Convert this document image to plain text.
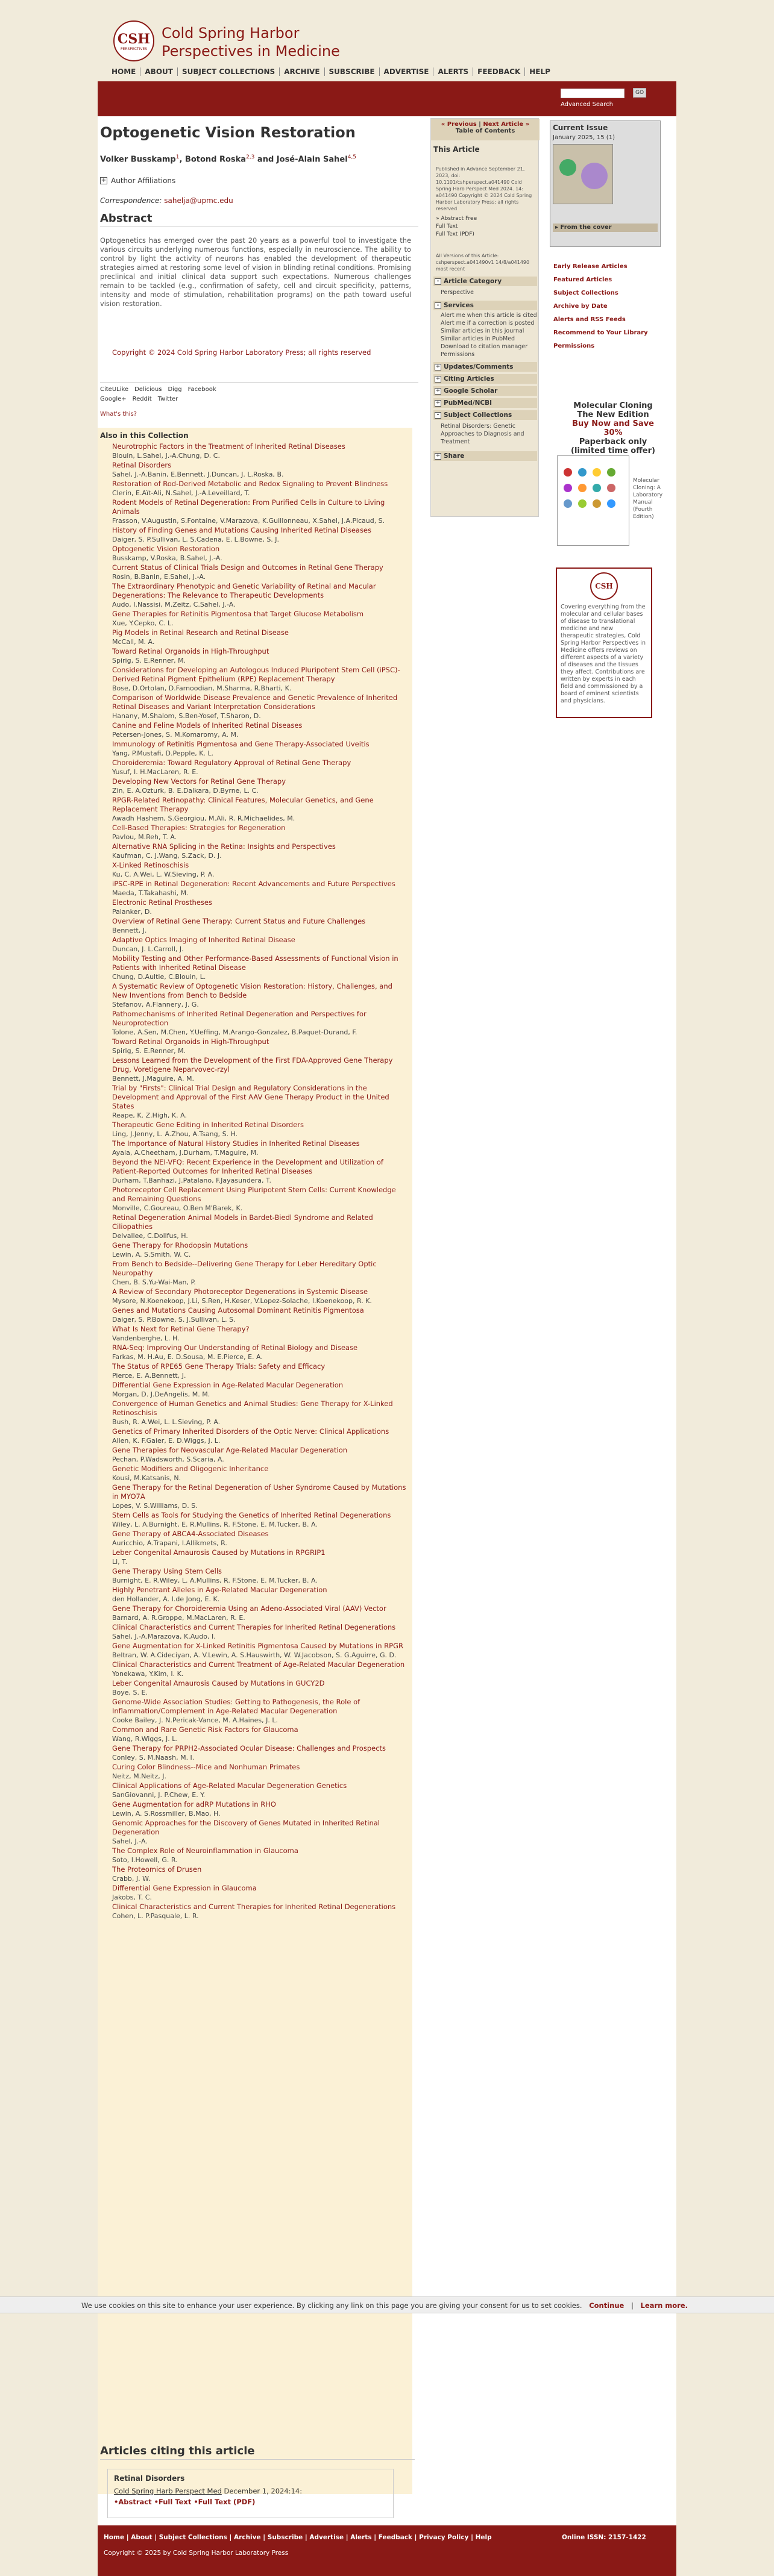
CSH
PERSPECTIVES
Cold Spring Harbor
Perspectives in Medicine
HOME	ABOUT	SUBJECT COLLECTIONS	ARCHIVE	SUBSCRIBE	ADVERTISE	ALERTS	FEEDBACK	HELP
GO
Advanced Search
Optogenetic Vision Restoration
Volker Busskamp$^1$, Botond Roska$^{2,3}$ and José-Alain Sahel$^{4,5}$
+ Author Affiliations
Correspondence: sahelja@upmc.edu
Abstract

Optogenetics has emerged over the past 20 years as a powerful tool to investigate the various circuits underlying numerous functions, especially in neuroscience. The ability to control by light the activity of neurons has enabled the development of therapeutic strategies aimed at restoring some level of vision in blinding retinal conditions. Promising preclinical and initial clinical data support such expectations. Numerous challenges remain to be tackled (e.g., confirmation of safety, cell and circuit specificity, patterns, intensity and mode of stimulation, rehabilitation programs) on the path toward useful vision restoration.

Copyright © 2024 Cold Spring Harbor Laboratory Press; all rights reserved

CiteULike Delicious Digg Facebook
Google+ Reddit Twitter
What's this?
Also in this Collection
Neurotrophic Factors in the Treatment of Inherited Retinal Diseases
Blouin, L.Sahel, J.-A.Chung, D. C.
Retinal Disorders
Sahel, J.-A.Banin, E.Bennett, J.Duncan, J. L.Roska, B.
Restoration of Rod-Derived Metabolic and Redox Signaling to Prevent Blindness
Clerin, E.Aït-Ali, N.Sahel, J.-A.Leveillard, T.
Rodent Models of Retinal Degeneration: From Purified Cells in Culture to Living Animals
Frasson, V.Augustin, S.Fontaine, V.Marazova, K.Guillonneau, X.Sahel, J.A.Picaud, S.
History of Finding Genes and Mutations Causing Inherited Retinal Diseases
Daiger, S. P.Sullivan, L. S.Cadena, E. L.Bowne, S. J.
Optogenetic Vision Restoration
Busskamp, V.Roska, B.Sahel, J.-A.
Current Status of Clinical Trials Design and Outcomes in Retinal Gene Therapy
Rosin, B.Banin, E.Sahel, J.-A.
The Extraordinary Phenotypic and Genetic Variability of Retinal and Macular Degenerations: The Relevance to Therapeutic Developments
Audo, I.Nassisi, M.Zeitz, C.Sahel, J.-A.
Gene Therapies for Retinitis Pigmentosa that Target Glucose Metabolism
Xue, Y.Cepko, C. L.
Pig Models in Retinal Research and Retinal Disease
McCall, M. A.
Toward Retinal Organoids in High-Throughput
Spirig, S. E.Renner, M.
Considerations for Developing an Autologous Induced Pluripotent Stem Cell (iPSC)-Derived Retinal Pigment Epithelium (RPE) Replacement Therapy
Bose, D.Ortolan, D.Farnoodian, M.Sharma, R.Bharti, K.
Comparison of Worldwide Disease Prevalence and Genetic Prevalence of Inherited Retinal Diseases and Variant Interpretation Considerations
Hanany, M.Shalom, S.Ben-Yosef, T.Sharon, D.
Canine and Feline Models of Inherited Retinal Diseases
Petersen-Jones, S. M.Komaromy, A. M.
Immunology of Retinitis Pigmentosa and Gene Therapy-Associated Uveitis
Yang, P.Mustafi, D.Pepple, K. L.
Choroideremia: Toward Regulatory Approval of Retinal Gene Therapy
Yusuf, I. H.MacLaren, R. E.
Developing New Vectors for Retinal Gene Therapy
Zin, E. A.Ozturk, B. E.Dalkara, D.Byrne, L. C.
RPGR-Related Retinopathy: Clinical Features, Molecular Genetics, and Gene Replacement Therapy
Awadh Hashem, S.Georgiou, M.Ali, R. R.Michaelides, M.
Cell-Based Therapies: Strategies for Regeneration
Pavlou, M.Reh, T. A.
Alternative RNA Splicing in the Retina: Insights and Perspectives
Kaufman, C. J.Wang, S.Zack, D. J.
X-Linked Retinoschisis
Ku, C. A.Wei, L. W.Sieving, P. A.
iPSC-RPE in Retinal Degeneration: Recent Advancements and Future Perspectives
Maeda, T.Takahashi, M.
Electronic Retinal Prostheses
Palanker, D.
Overview of Retinal Gene Therapy: Current Status and Future Challenges
Bennett, J.
Adaptive Optics Imaging of Inherited Retinal Disease
Duncan, J. L.Carroll, J.
Mobility Testing and Other Performance-Based Assessments of Functional Vision in Patients with Inherited Retinal Disease
Chung, D.Aultie, C.Blouin, L.
A Systematic Review of Optogenetic Vision Restoration: History, Challenges, and New Inventions from Bench to Bedside
Stefanov, A.Flannery, J. G.
Pathomechanisms of Inherited Retinal Degeneration and Perspectives for Neuroprotection
Tolone, A.Sen, M.Chen, Y.Ueffing, M.Arango-Gonzalez, B.Paquet-Durand, F.
Toward Retinal Organoids in High-Throughput
Spirig, S. E.Renner, M.
Lessons Learned from the Development of the First FDA-Approved Gene Therapy Drug, Voretigene Neparvovec-rzyl
Bennett, J.Maguire, A. M.
Trial by "Firsts": Clinical Trial Design and Regulatory Considerations in the Development and Approval of the First AAV Gene Therapy Product in the United States
Reape, K. Z.High, K. A.
Therapeutic Gene Editing in Inherited Retinal Disorders
Ling, J.Jenny, L. A.Zhou, A.Tsang, S. H.
The Importance of Natural History Studies in Inherited Retinal Diseases
Ayala, A.Cheetham, J.Durham, T.Maguire, M.
Beyond the NEI-VFQ: Recent Experience in the Development and Utilization of Patient-Reported Outcomes for Inherited Retinal Diseases
Durham, T.Banhazi, J.Patalano, F.Jayasundera, T.
Photoreceptor Cell Replacement Using Pluripotent Stem Cells: Current Knowledge and Remaining Questions
Monville, C.Goureau, O.Ben M'Barek, K.
Retinal Degeneration Animal Models in Bardet-Biedl Syndrome and Related Ciliopathies
Delvallee, C.Dollfus, H.
Gene Therapy for Rhodopsin Mutations
Lewin, A. S.Smith, W. C.
From Bench to Bedside--Delivering Gene Therapy for Leber Hereditary Optic Neuropathy
Chen, B. S.Yu-Wai-Man, P.
A Review of Secondary Photoreceptor Degenerations in Systemic Disease
Mysore, N.Koenekoop, J.Li, S.Ren, H.Keser, V.Lopez-Solache, I.Koenekoop, R. K.
Genes and Mutations Causing Autosomal Dominant Retinitis Pigmentosa
Daiger, S. P.Bowne, S. J.Sullivan, L. S.
What Is Next for Retinal Gene Therapy?
Vandenberghe, L. H.
RNA-Seq: Improving Our Understanding of Retinal Biology and Disease
Farkas, M. H.Au, E. D.Sousa, M. E.Pierce, E. A.
The Status of RPE65 Gene Therapy Trials: Safety and Efficacy
Pierce, E. A.Bennett, J.
Differential Gene Expression in Age-Related Macular Degeneration
Morgan, D. J.DeAngelis, M. M.
Convergence of Human Genetics and Animal Studies: Gene Therapy for X-Linked Retinoschisis
Bush, R. A.Wei, L. L.Sieving, P. A.
Genetics of Primary Inherited Disorders of the Optic Nerve: Clinical Applications
Allen, K. F.Gaier, E. D.Wiggs, J. L.
Gene Therapies for Neovascular Age-Related Macular Degeneration
Pechan, P.Wadsworth, S.Scaria, A.
Genetic Modifiers and Oligogenic Inheritance
Kousi, M.Katsanis, N.
Gene Therapy for the Retinal Degeneration of Usher Syndrome Caused by Mutations in MYO7A
Lopes, V. S.Williams, D. S.
Stem Cells as Tools for Studying the Genetics of Inherited Retinal Degenerations
Wiley, L. A.Burnight, E. R.Mullins, R. F.Stone, E. M.Tucker, B. A.
Gene Therapy of ABCA4-Associated Diseases
Auricchio, A.Trapani, I.Allikmets, R.
Leber Congenital Amaurosis Caused by Mutations in RPGRIP1
Li, T.
Gene Therapy Using Stem Cells
Burnight, E. R.Wiley, L. A.Mullins, R. F.Stone, E. M.Tucker, B. A.
Highly Penetrant Alleles in Age-Related Macular Degeneration
den Hollander, A. I.de Jong, E. K.
Gene Therapy for Choroideremia Using an Adeno-Associated Viral (AAV) Vector
Barnard, A. R.Groppe, M.MacLaren, R. E.
Clinical Characteristics and Current Therapies for Inherited Retinal Degenerations
Sahel, J.-A.Marazova, K.Audo, I.
Gene Augmentation for X-Linked Retinitis Pigmentosa Caused by Mutations in RPGR
Beltran, W. A.Cideciyan, A. V.Lewin, A. S.Hauswirth, W. W.Jacobson, S. G.Aguirre, G. D.
Clinical Characteristics and Current Treatment of Age-Related Macular Degeneration
Yonekawa, Y.Kim, I. K.
Leber Congenital Amaurosis Caused by Mutations in GUCY2D
Boye, S. E.
Genome-Wide Association Studies: Getting to Pathogenesis, the Role of Inflammation/Complement in Age-Related Macular Degeneration
Cooke Bailey, J. N.Pericak-Vance, M. A.Haines, J. L.
Common and Rare Genetic Risk Factors for Glaucoma
Wang, R.Wiggs, J. L.
Gene Therapy for PRPH2-Associated Ocular Disease: Challenges and Prospects
Conley, S. M.Naash, M. I.
Curing Color Blindness--Mice and Nonhuman Primates
Neitz, M.Neitz, J.
Clinical Applications of Age-Related Macular Degeneration Genetics
SanGiovanni, J. P.Chew, E. Y.
Gene Augmentation for adRP Mutations in RHO
Lewin, A. S.Rossmiller, B.Mao, H.
Genomic Approaches for the Discovery of Genes Mutated in Inherited Retinal Degeneration
Sahel, J.-A.
The Complex Role of Neuroinflammation in Glaucoma
Soto, I.Howell, G. R.
The Proteomics of Drusen
Crabb, J. W.
Differential Gene Expression in Glaucoma
Jakobs, T. C.
Clinical Characteristics and Current Therapies for Inherited Retinal Degenerations
Cohen, L. P.Pasquale, L. R.
Articles citing this article
Retinal Disorders
Cold Spring Harb Perspect Med December 1, 2024:14:
•Abstract •Full Text •Full Text (PDF)
« Previous | Next Article »
Table of Contents
This Article
Published in Advance September 21, 2023, doi: 10.1101/cshperspect.a041490 Cold Spring Harb Perspect Med 2024. 14: a041490 Copyright © 2024 Cold Spring Harbor Laboratory Press; all rights reserved
» Abstract Free
Full Text
Full Text (PDF)
All Versions of this Article: cshperspect.a041490v1 14/8/a041490 most recent
- Article Category
Perspective
- Services
Alert me when this article is cited
Alert me if a correction is posted
Similar articles in this journal
Similar articles in PubMed
Download to citation manager
Permissions
+ Updates/Comments
+ Citing Articles
+ Google Scholar
+ PubMed/NCBI
- Subject Collections
Retinal Disorders: Genetic Approaches to Diagnosis and Treatment
+ Share
Current Issue
January 2025, 15 (1)
▸ From the cover
Early Release Articles
Featured Articles
Subject Collections
Archive by Date
Alerts and RSS Feeds
Recommend to Your Library
Permissions
Molecular Cloning
The New Edition
Buy Now and Save
30%
Paperback only
(limited time offer)
Molecular Cloning: A Laboratory Manual (Fourth Edition)
CSH

Covering everything from the molecular and cellular bases of disease to translational medicine and new therapeutic strategies, Cold Spring Harbor Perspectives in Medicine offers reviews on different aspects of a variety of diseases and the tissues they affect. Contributions are written by experts in each field and commissioned by a board of eminent scientists and physicians.

Home | About | Subject Collections | Archive | Subscribe | Advertise | Alerts | Feedback | Privacy Policy | Help
Copyright © 2025 by Cold Spring Harbor Laboratory Press
Online ISSN: 2157-1422
We use cookies on this site to enhance your user experience. By clicking any link on this page you are giving your consent for us to set cookies. Continue | Learn more.
